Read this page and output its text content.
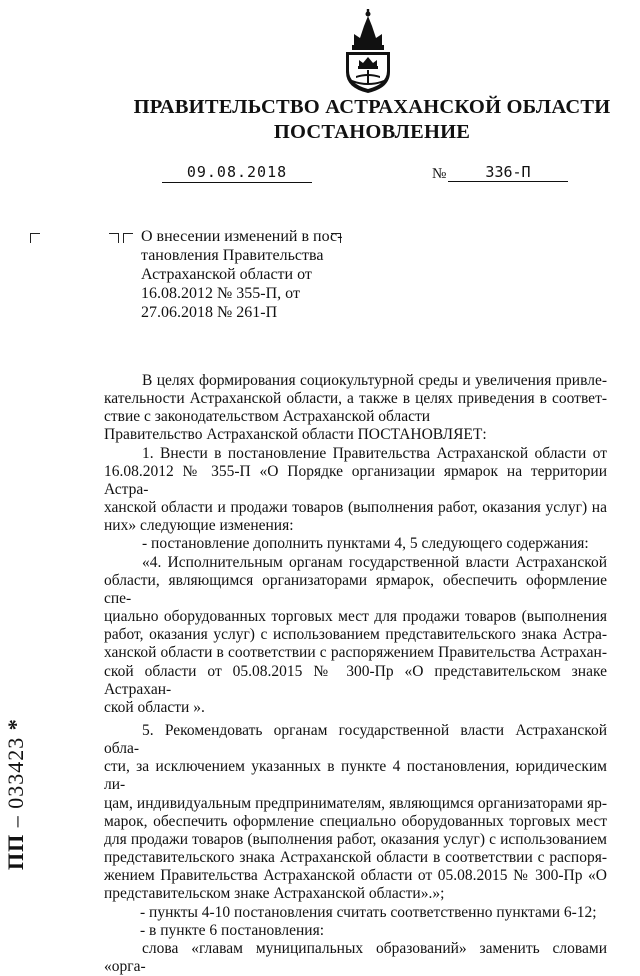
ПРАВИТЕЛЬСТВО АСТРАХАНСКОЙ ОБЛАСТИ
ПОСТАНОВЛЕНИЕ
09.08.2018	№	336-П
О внесении изменений в пос-
тановления Правительства
Астраханской области от
16.08.2012 № 355-П, от
27.06.2018 № 261-П

В целях формирования социокультурной среды и увеличения привле-

кательности Астраханской области, а также в целях приведения в соответ-

ствие с законодательством Астраханской области

Правительство Астраханской области ПОСТАНОВЛЯЕТ:

1. Внести в постановление Правительства Астраханской области от

16.08.2012 № 355-П «О Порядке организации ярмарок на территории Астра-

ханской области и продажи товаров (выполнения работ, оказания услуг) на

них» следующие изменения:

- постановление дополнить пунктами 4, 5 следующего содержания:

«4. Исполнительным органам государственной власти Астраханской

области, являющимся организаторами ярмарок, обеспечить оформление спе-

циально оборудованных торговых мест для продажи товаров (выполнения

работ, оказания услуг) с использованием представительского знака Астра-

ханской области в соответствии с распоряжением Правительства Астрахан-

ской области от 05.08.2015 № 300-Пр «О представительском знаке Астрахан-

ской области ».

5. Рекомендовать органам государственной власти Астраханской обла-

сти, за исключением указанных в пункте 4 постановления, юридическим ли-

цам, индивидуальным предпринимателям, являющимся организаторами яр-

марок, обеспечить оформление специально оборудованных торговых мест

для продажи товаров (выполнения работ, оказания услуг) с использованием

представительского знака Астраханской области в соответствии с распоря-

жением Правительства Астраханской области от 05.08.2015 № 300-Пр «О

представительском знаке Астраханской области».»;

- пункты 4-10 постановления считать соответственно пунктами 6-12;

- в пункте 6 постановления:

слова «главам муниципальных образований» заменить словами «орга-

ПП – 033423 *
